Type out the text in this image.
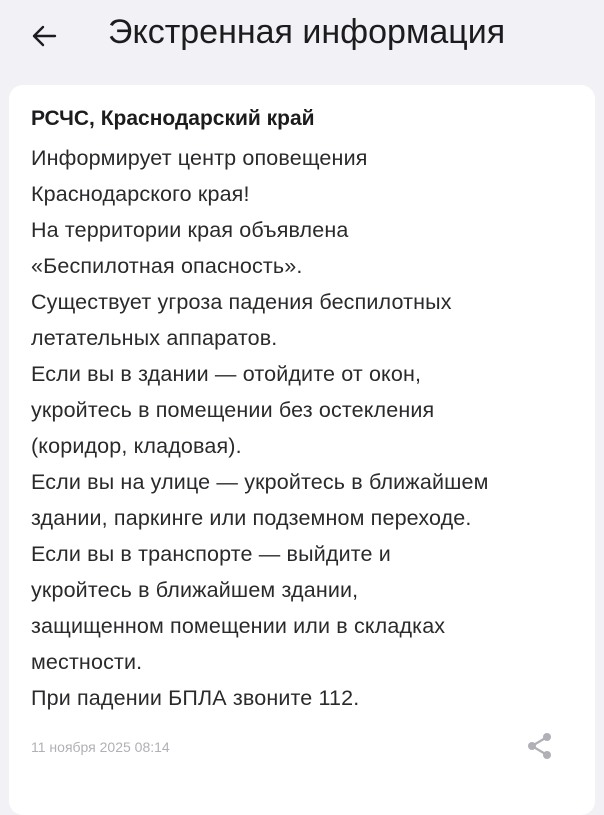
Экстренная информация
РСЧС, Краснодарский край
Информирует центр оповещения
Краснодарского края!
На территории края объявлена
«Беспилотная опасность».
Существует угроза падения беспилотных
летательных аппаратов.
Если вы в здании — отойдите от окон,
укройтесь в помещении без остекления
(коридор, кладовая).
Если вы на улице — укройтесь в ближайшем
здании, паркинге или подземном переходе.
Если вы в транспорте — выйдите и
укройтесь в ближайшем здании,
защищенном помещении или в складках
местности.
При падении БПЛА звоните 112.
11 ноября 2025 08:14
